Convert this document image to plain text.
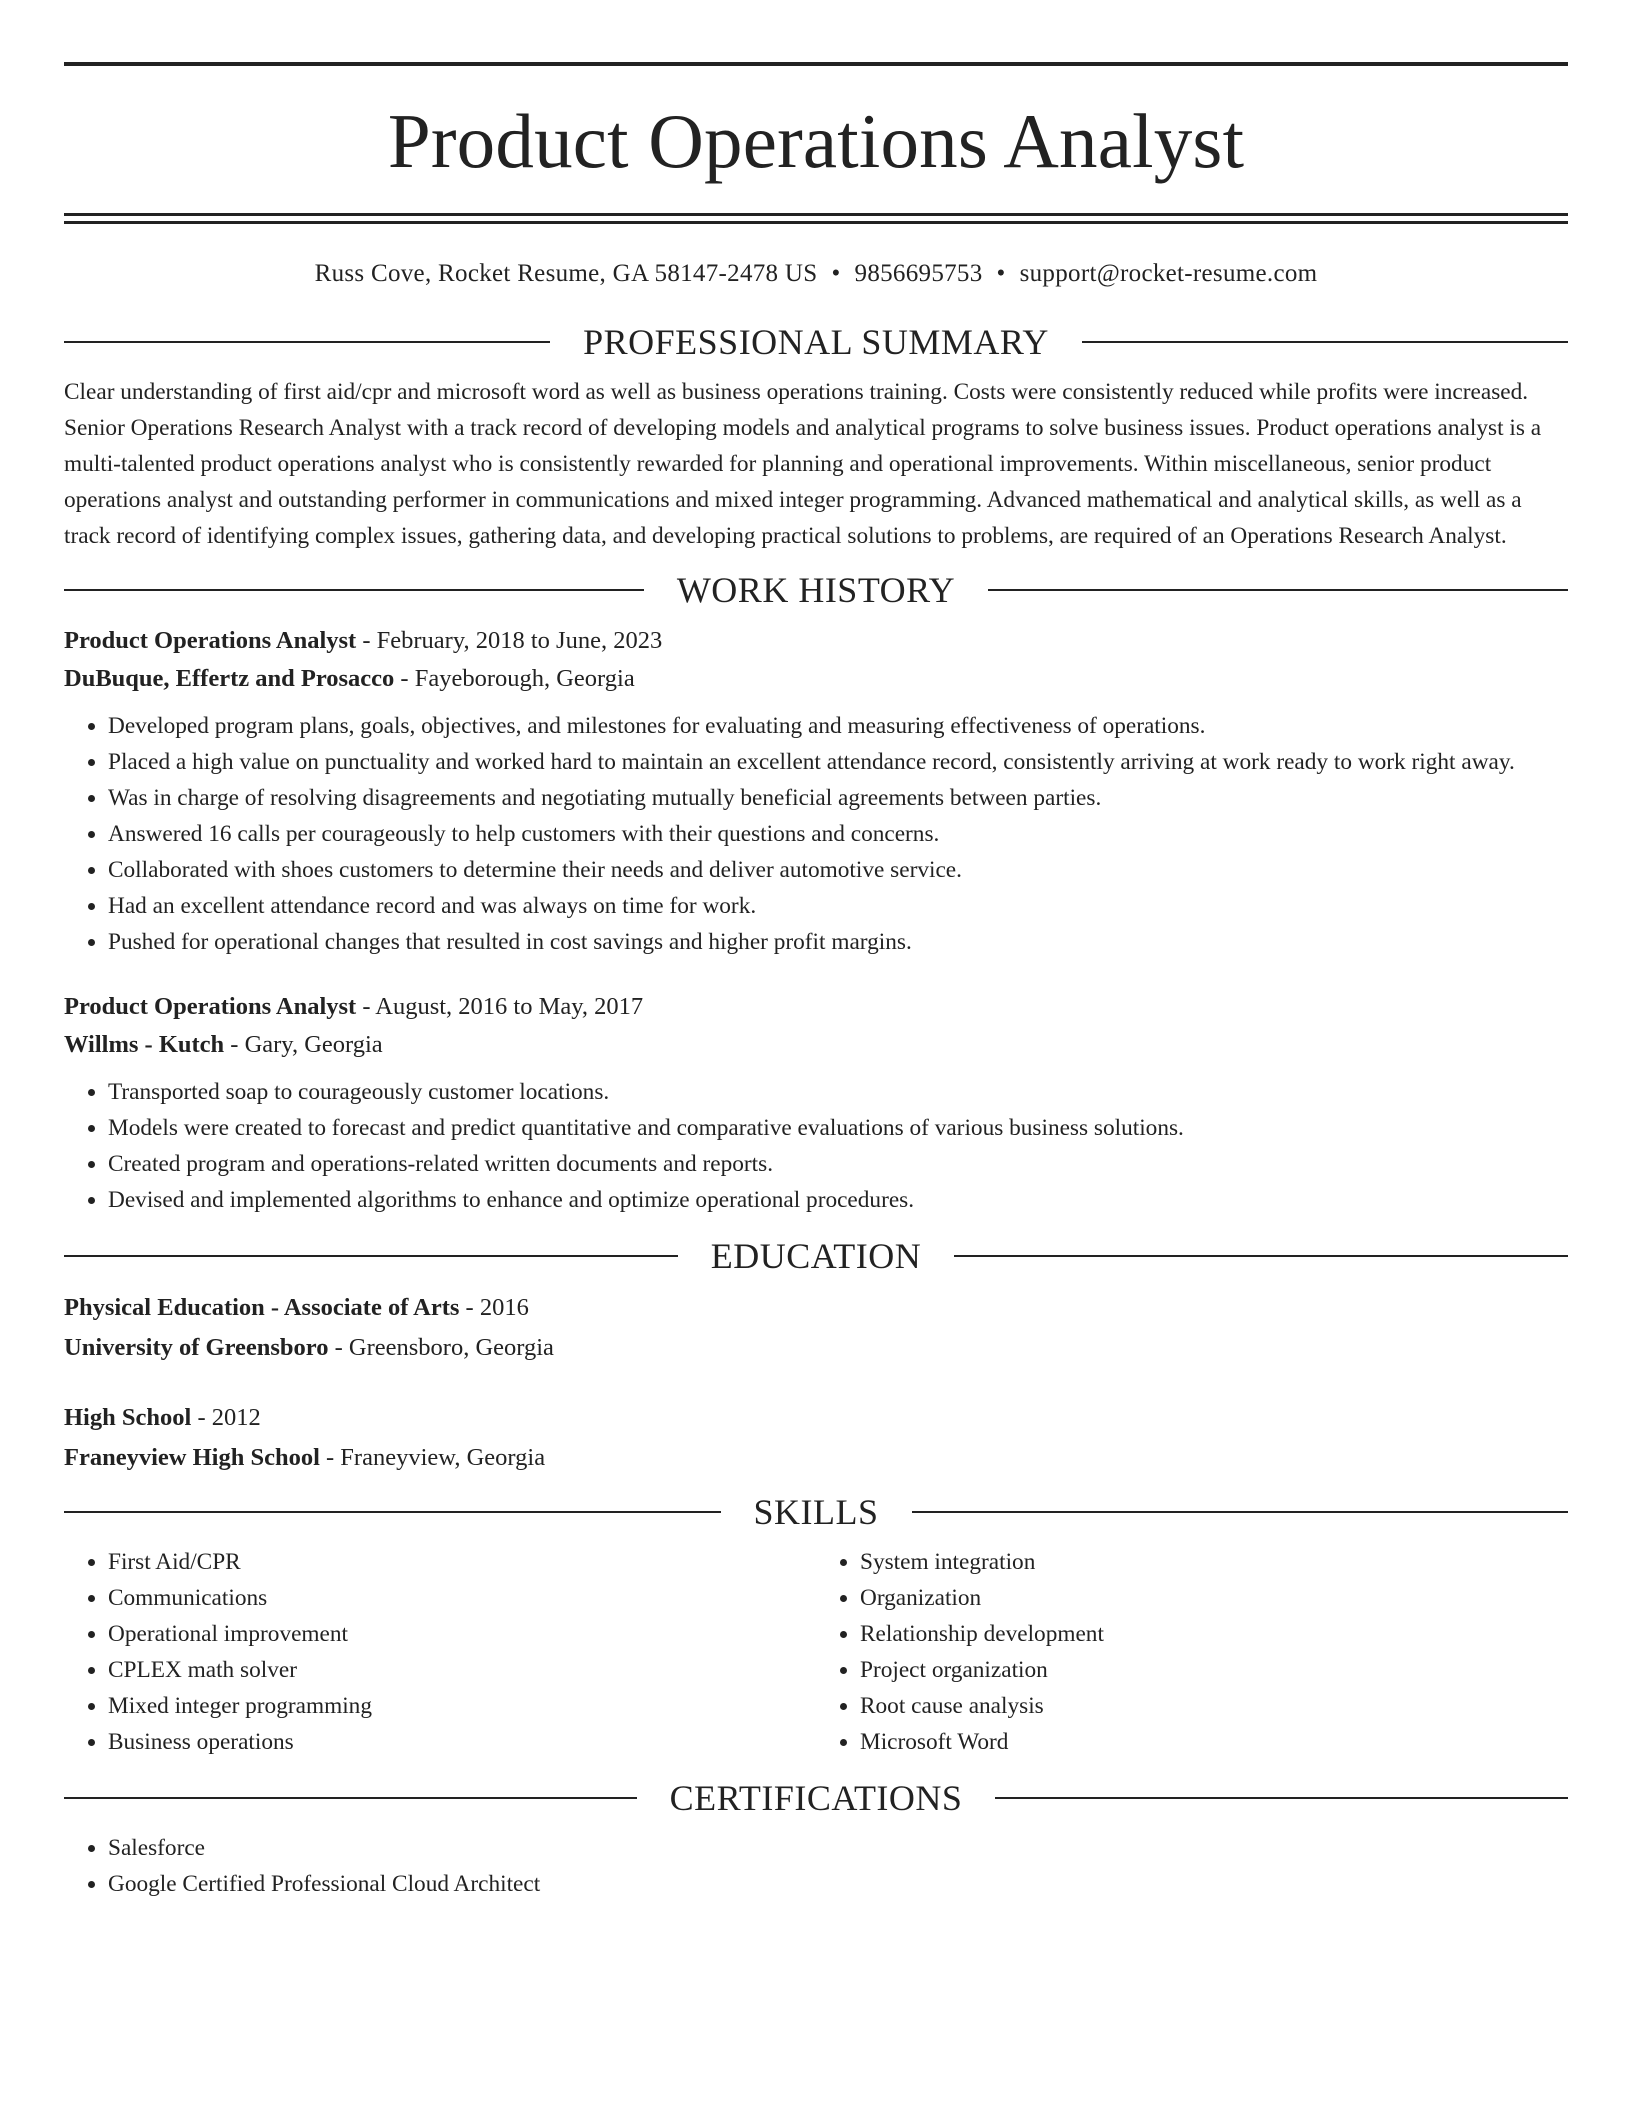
Product Operations Analyst
Russ Cove, Rocket Resume, GA 58147-2478 US • 9856695753 • support@rocket-resume.com
PROFESSIONAL SUMMARY

Clear understanding of first aid/cpr and microsoft word as well as business operations training. Costs were consistently reduced while profits were increased. Senior Operations Research Analyst with a track record of developing models and analytical programs to solve business issues. Product operations analyst is a multi-talented product operations analyst who is consistently rewarded for planning and operational improvements. Within miscellaneous, senior product operations analyst and outstanding performer in communications and mixed integer programming. Advanced mathematical and analytical skills, as well as a track record of identifying complex issues, gathering data, and developing practical solutions to problems, are required of an Operations Research Analyst.

WORK HISTORY
Product Operations Analyst - February, 2018 to June, 2023
DuBuque, Effertz and Prosacco - Fayeborough, Georgia
• Developed program plans, goals, objectives, and milestones for evaluating and measuring effectiveness of operations.
• Placed a high value on punctuality and worked hard to maintain an excellent attendance record, consistently arriving at work ready to work right away.
• Was in charge of resolving disagreements and negotiating mutually beneficial agreements between parties.
• Answered 16 calls per courageously to help customers with their questions and concerns.
• Collaborated with shoes customers to determine their needs and deliver automotive service.
• Had an excellent attendance record and was always on time for work.
• Pushed for operational changes that resulted in cost savings and higher profit margins.
Product Operations Analyst - August, 2016 to May, 2017
Willms - Kutch - Gary, Georgia
• Transported soap to courageously customer locations.
• Models were created to forecast and predict quantitative and comparative evaluations of various business solutions.
• Created program and operations-related written documents and reports.
• Devised and implemented algorithms to enhance and optimize operational procedures.
EDUCATION
Physical Education - Associate of Arts - 2016
University of Greensboro - Greensboro, Georgia
High School - 2012
Franeyview High School - Franeyview, Georgia
SKILLS
• First Aid/CPR
• Communications
• Operational improvement
• CPLEX math solver
• Mixed integer programming
• Business operations
• System integration
• Organization
• Relationship development
• Project organization
• Root cause analysis
• Microsoft Word
CERTIFICATIONS
• Salesforce
• Google Certified Professional Cloud Architect
